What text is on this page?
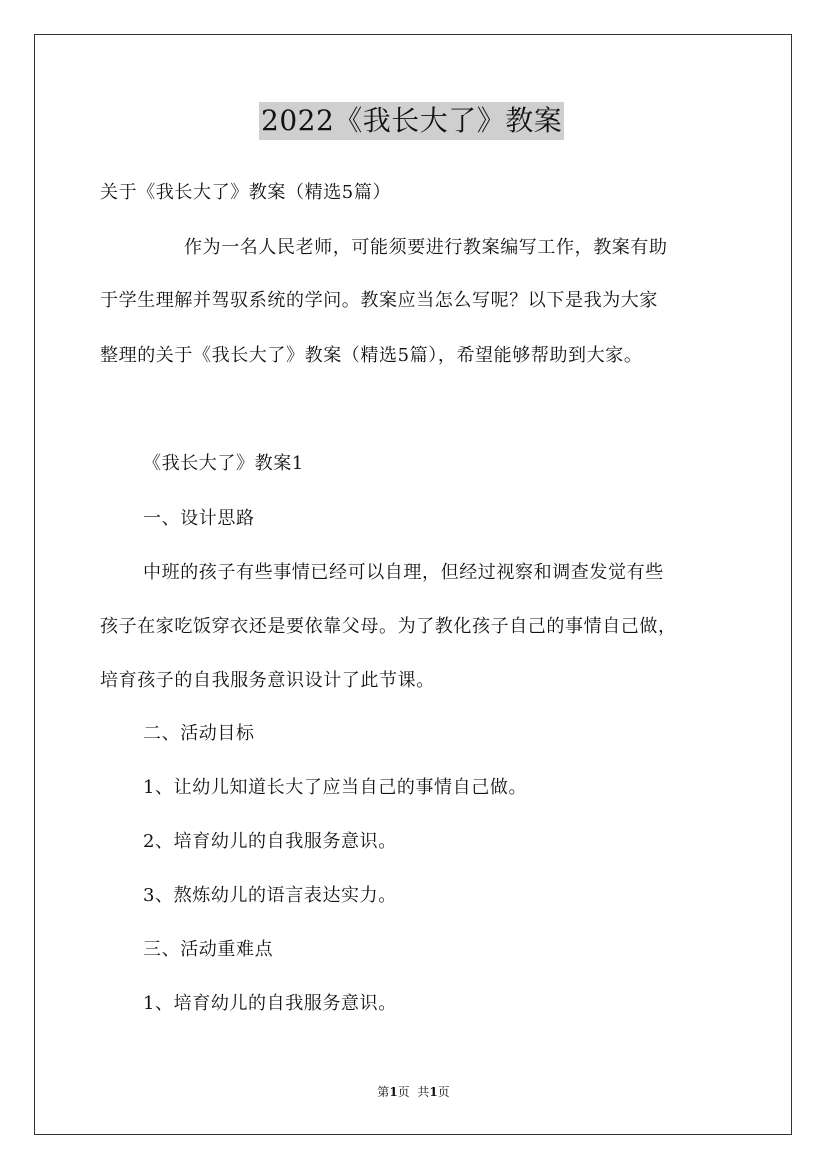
2022《我长大了》教案
关于《我长大了》教案（精选5篇）
作为一名人民老师，可能须要进行教案编写工作，教案有助
于学生理解并驾驭系统的学问。教案应当怎么写呢？以下是我为大家
整理的关于《我长大了》教案（精选5篇），希望能够帮助到大家。
《我长大了》教案1
一、设计思路
中班的孩子有些事情已经可以自理，但经过视察和调查发觉有些
孩子在家吃饭穿衣还是要依靠父母。为了教化孩子自己的事情自己做，
培育孩子的自我服务意识设计了此节课。
二、活动目标
1、让幼儿知道长大了应当自己的事情自己做。
2、培育幼儿的自我服务意识。
3、熬炼幼儿的语言表达实力。
三、活动重难点
1、培育幼儿的自我服务意识。
第1页  共1页
